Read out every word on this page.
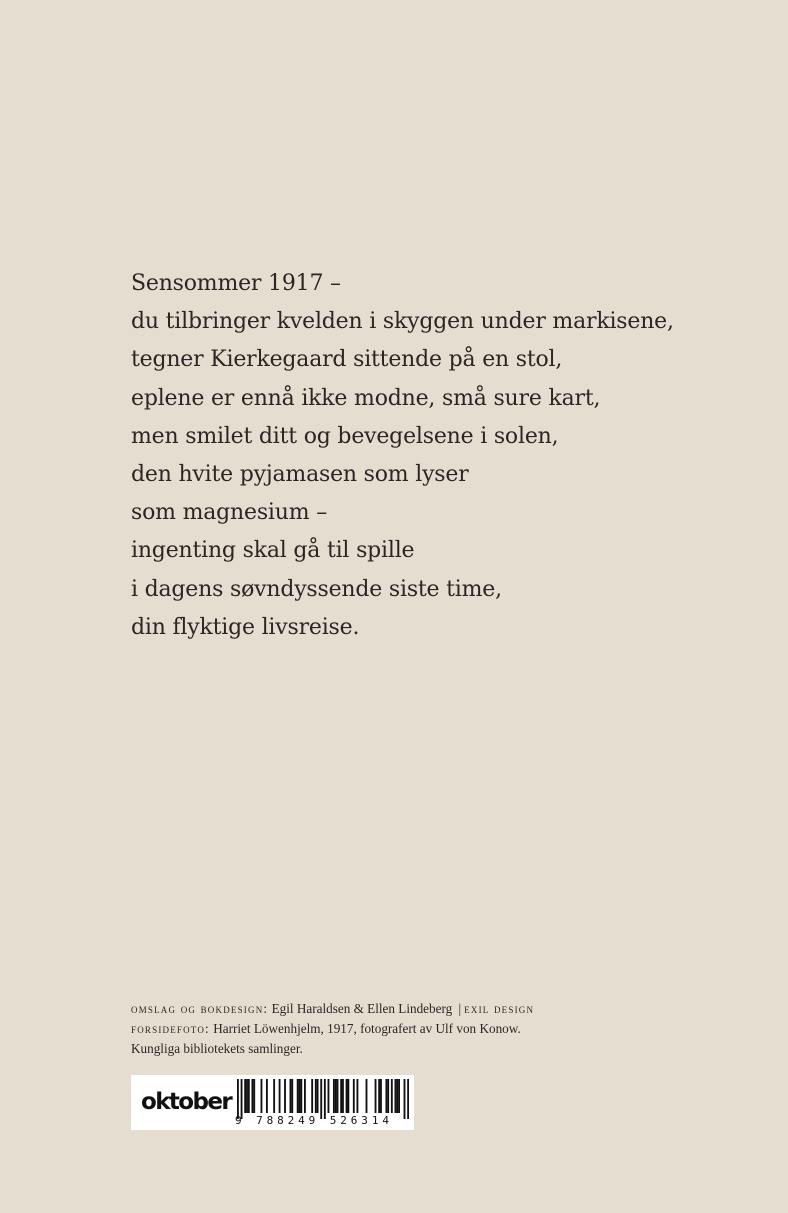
Sensommer 1917 –
du tilbringer kvelden i skyggen under markisene,
tegner Kierkegaard sittende på en stol,
eplene er ennå ikke modne, små sure kart,
men smilet ditt og bevegelsene i solen,
den hvite pyjamasen som lyser
som magnesium –
ingenting skal gå til spille
i dagens søvndyssende siste time,
din flyktige livsreise.
omslag og bokdesign: Egil Haraldsen & Ellen Lindeberg | exil design
forsidefoto: Harriet Löwenhjelm, 1917, fotografert av Ulf von Konow.
Kungliga bibliotekets samlinger.
oktober
9 788249 526314
